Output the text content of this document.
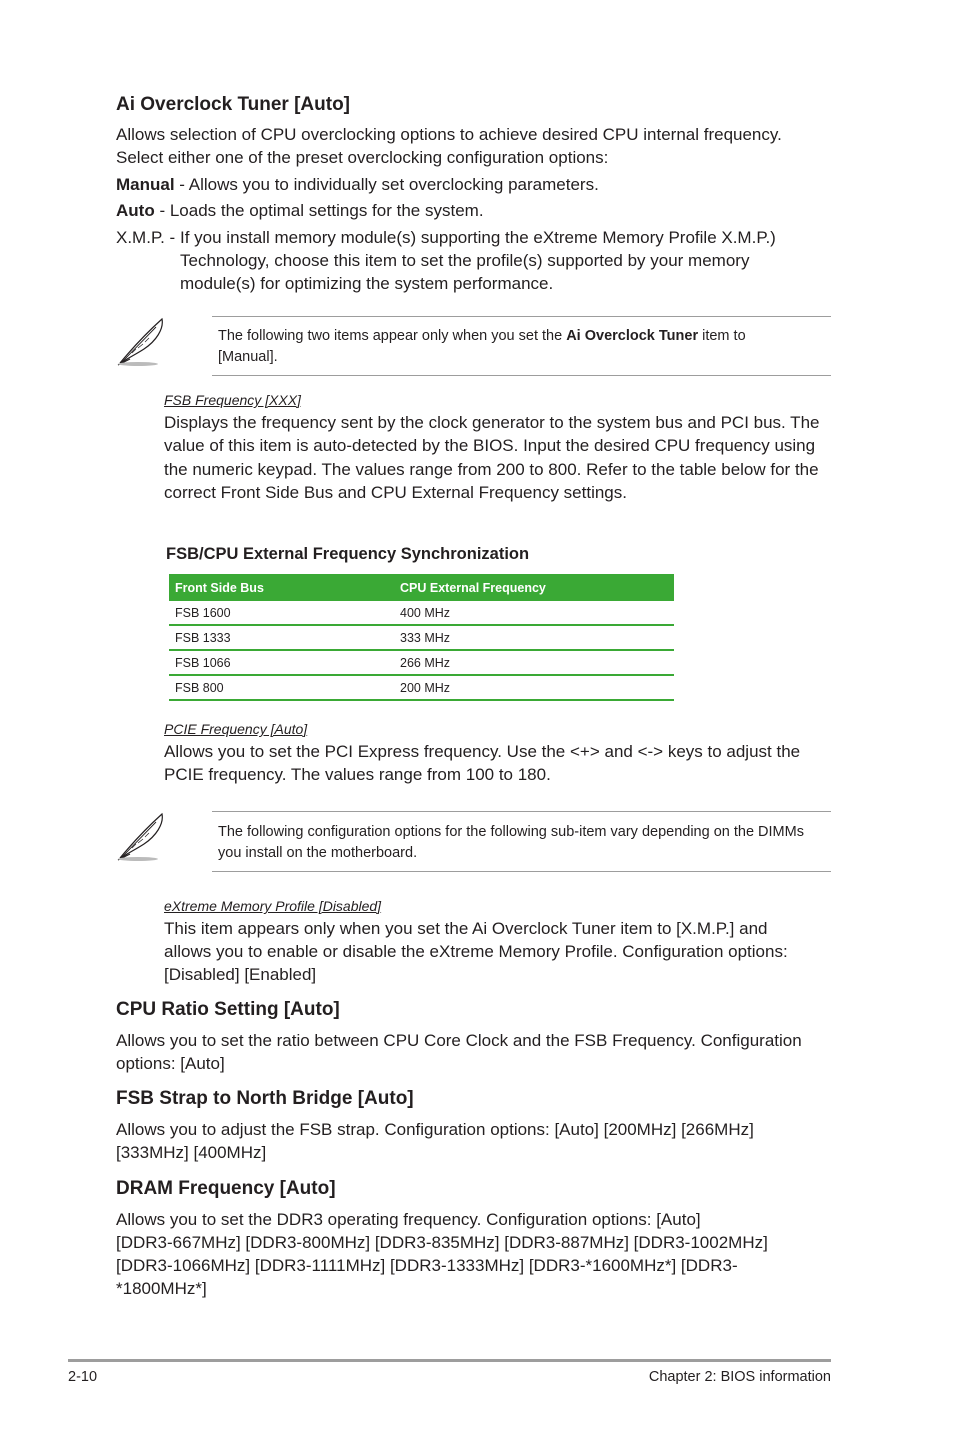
Ai Overclock Tuner [Auto]
Allows selection of CPU overclocking options to achieve desired CPU internal frequency.
Select either one of the preset overclocking configuration options:
Manual - Allows you to individually set overclocking parameters.
Auto - Loads the optimal settings for the system.
X.M.P. - If you install memory module(s) supporting the eXtreme Memory Profile X.M.P.)
Technology, choose this item to set the profile(s) supported by your memory
module(s) for optimizing the system performance.
The following two items appear only when you set the Ai Overclock Tuner item to
[Manual].
FSB Frequency [XXX]
Displays the frequency sent by the clock generator to the system bus and PCI bus. The
value of this item is auto-detected by the BIOS. Input the desired CPU frequency using
the numeric keypad. The values range from 200 to 800. Refer to the table below for the
correct Front Side Bus and CPU External Frequency settings.
FSB/CPU External Frequency Synchronization
Front Side Bus	CPU External Frequency
FSB 1600	400 MHz
FSB 1333	333 MHz
FSB 1066	266 MHz
FSB 800	200 MHz
PCIE Frequency [Auto]
Allows you to set the PCI Express frequency. Use the <+> and <-> keys to adjust the
PCIE frequency. The values range from 100 to 180.
The following configuration options for the following sub-item vary depending on the DIMMs
you install on the motherboard.
eXtreme Memory Profile [Disabled]
This item appears only when you set the Ai Overclock Tuner item to [X.M.P.] and
allows you to enable or disable the eXtreme Memory Profile. Configuration options:
[Disabled] [Enabled]
CPU Ratio Setting [Auto]
Allows you to set the ratio between CPU Core Clock and the FSB Frequency. Configuration
options: [Auto]
FSB Strap to North Bridge [Auto]
Allows you to adjust the FSB strap. Configuration options: [Auto] [200MHz] [266MHz]
[333MHz] [400MHz]
DRAM Frequency [Auto]
Allows you to set the DDR3 operating frequency. Configuration options: [Auto]
[DDR3-667MHz] [DDR3-800MHz] [DDR3-835MHz] [DDR3-887MHz] [DDR3-1002MHz]
[DDR3-1066MHz] [DDR3-1111MHz] [DDR3-1333MHz] [DDR3-*1600MHz*] [DDR3-
*1800MHz*]
2-10	Chapter 2: BIOS information
